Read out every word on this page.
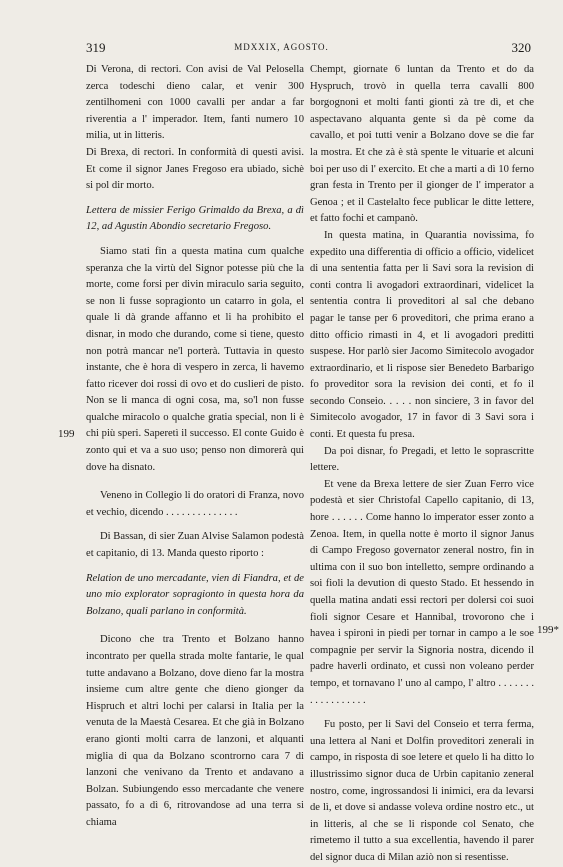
319	MDXXIX, AGOSTO.	320
199
199*

Di Verona, di rectori. Con avisi de Val Pelosella zerca todeschi dieno calar, et venir 300 zentilhomeni con 1000 cavalli per andar a far riverentia a l' imperador. Item, fanti numero 10 milia, ut in litteris.

Di Brexa, di rectori. In conformità di questi avisi. Et come il signor Janes Fregoso era ubiado, sichè si pol dir morto.

Lettera de missier Ferigo Grimaldo da Brexa, a dì 12, ad Agustin Abondio secretario Fregoso.

Siamo stati fin a questa matina cum qualche speranza che la virtù del Signor potesse più che la morte, come forsi per divin miraculo saria seguito, se non li fusse sopragionto un catarro in gola, el quale li dà grande affanno et li ha prohibito el disnar, in modo che durando, come si tiene, questo non potrà mancar ne'l porterà. Tuttavia in questo instante, che è hora di vespero in zerca, li havemo fatto ricever doi rossi di ovo et do cuslieri de pisto. Non se li manca di ogni cosa, ma, so'l non fusse qualche miracolo o qualche gratia special, non li è chi più speri. Saperetì il successo. El conte Guido è zonto qui et va a suo uso; penso non dimorerà qui dove ha disnato.

Veneno in Collegio li do oratori di Franza, novo et vechio, dicendo . . . . . . . . . . . . . .

Di Bassan, di sier Zuan Alvise Salamon podestà et capitanio, di 13. Manda questo riporto :

Relation de uno mercadante, vien di Fiandra, et de uno mio explorator sopragionto in questa hora da Bolzano, quali parlano in conformità.

Dicono che tra Trento et Bolzano hanno incontrato per quella strada molte fantarie, le qual tutte andavano a Bolzano, dove dieno far la mostra insieme cum altre gente che dieno gionger da Hispruch et altri lochi per calarsi in Italia per la venuta de la Maestà Cesarea. Et che già in Bolzano erano gionti molti carra de lanzoni, et alquanti miglia di qua da Bolzano scontrorno cara 7 di lanzoni che venivano da Trento et andavano a Bolzan. Subiungendo esso mercadante che venere passato, fo a dì 6, ritrovandose ad una terra si chiama

Chempt, giornate 6 luntan da Trento et do da Hyspruch, trovò in quella terra cavalli 800 borgognoni et molti fanti gionti zà tre dì, et che aspectavano alquanta gente sì da pè come da cavallo, et poi tutti venir a Bolzano dove se die far la mostra. Et che zà è stà spente le vituarie et alcuni boi per uso di l' exercito. Et che a marti a dì 10 ferno gran festa in Trento per il gionger de l' imperator a Genoa ; et il Castelalto fece publicar le ditte lettere, et fatto fochi et campanò.

In questa matina, in Quarantia novissima, fo expedito una differentia di officio a officio, videlicet di una sententia fatta per li Savi sora la revision di conti contra li avogadori extraordinari, videlicet la sententia contra li proveditori al sal che debano pagar le tanse per 6 proveditori, che prima erano a ditto officio rimasti in 4, et li avogadori preditti suspese. Hor parlò sier Jacomo Simitecolo avogador extraordinario, et li rispose sier Benedeto Barbarigo fo proveditor sora la revision dei conti, et fo il secondo Conseio. . . . . non sinciere, 3 in favor del Simitecolo avogador, 17 in favor di 3 Savi sora i conti. Et questa fu presa.

Da poi disnar, fo Pregadi, et letto le soprascritte lettere.

Et vene da Brexa lettere de sier Zuan Ferro vice podestà et sier Christofal Capello capitanio, di 13, hore . . . . . . Come hanno lo imperator esser zonto a Zenoa. Item, in quella notte è morto il signor Janus di Campo Fregoso governator zeneral nostro, fin in ultima con il suo bon intelletto, sempre ordinando a soi fioli la devution di questo Stado. Et hessendo in quella matina andati essi rectori per dolersi coi suoi fioli signor Cesare et Hannibal, trovorono che i havea i spironi in piedi per tornar in campo a le soe compagnie per servir la Signoria nostra, dicendo il padre haverli ordinato, et cussì non voleano perder tempo, et tornavano l' uno al campo, l' altro . . . . . . . . . . . . . . . . . .

Fu posto, per li Savi del Conseio et terra ferma, una lettera al Nani et Dolfin proveditori zenerali in campo, in risposta di soe letere et quelo li ha ditto lo illustrissimo signor duca de Urbin capitanio zeneral nostro, come, ingrossandosi li inimici, era da levarsi de lì, et dove si andasse voleva ordine nostro etc., ut in litteris, al che se li risponde col Senato, che rimetemo il tutto a sua excellentia, havendo il parer del signor duca di Milan aziò non si resentisse.
